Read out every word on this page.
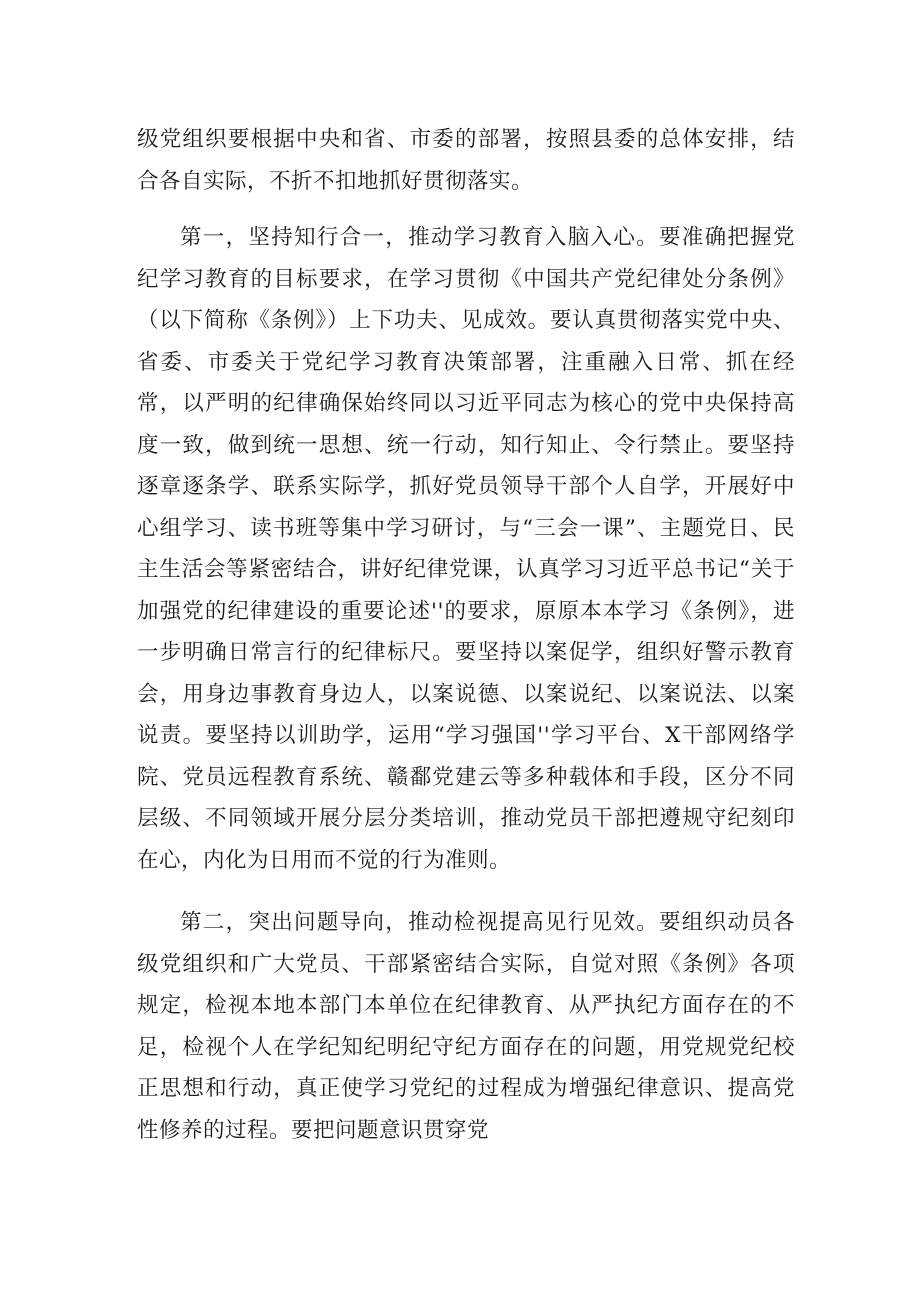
级党组织要根据中央和省、市委的部署，按照县委的总体安排，结合各自实际，不折不扣地抓好贯彻落实。

第一，坚持知行合一，推动学习教育入脑入心。要准确把握党纪学习教育的目标要求，在学习贯彻《中国共产党纪律处分条例》（以下简称《条例》）上下功夫、见成效。要认真贯彻落实党中央、省委、市委关于党纪学习教育决策部署，注重融入日常、抓在经常，以严明的纪律确保始终同以习近平同志为核心的党中央保持高度一致，做到统一思想、统一行动，知行知止、令行禁止。要坚持逐章逐条学、联系实际学，抓好党员领导干部个人自学，开展好中心组学习、读书班等集中学习研讨，与“三会一课”、主题党日、民主生活会等紧密结合，讲好纪律党课，认真学习习近平总书记“关于加强党的纪律建设的重要论述''的要求，原原本本学习《条例》，进一步明确日常言行的纪律标尺。要坚持以案促学，组织好警示教育会，用身边事教育身边人，以案说德、以案说纪、以案说法、以案说责。要坚持以训助学，运用“学习强国''学习平台、X干部网络学院、党员远程教育系统、赣鄱党建云等多种载体和手段，区分不同层级、不同领域开展分层分类培训，推动党员干部把遵规守纪刻印在心，内化为日用而不觉的行为准则。

第二，突出问题导向，推动检视提高见行见效。要组织动员各级党组织和广大党员、干部紧密结合实际，自觉对照《条例》各项规定，检视本地本部门本单位在纪律教育、从严执纪方面存在的不足，检视个人在学纪知纪明纪守纪方面存在的问题，用党规党纪校正思想和行动，真正使学习党纪的过程成为增强纪律意识、提高党性修养的过程。要把问题意识贯穿党
